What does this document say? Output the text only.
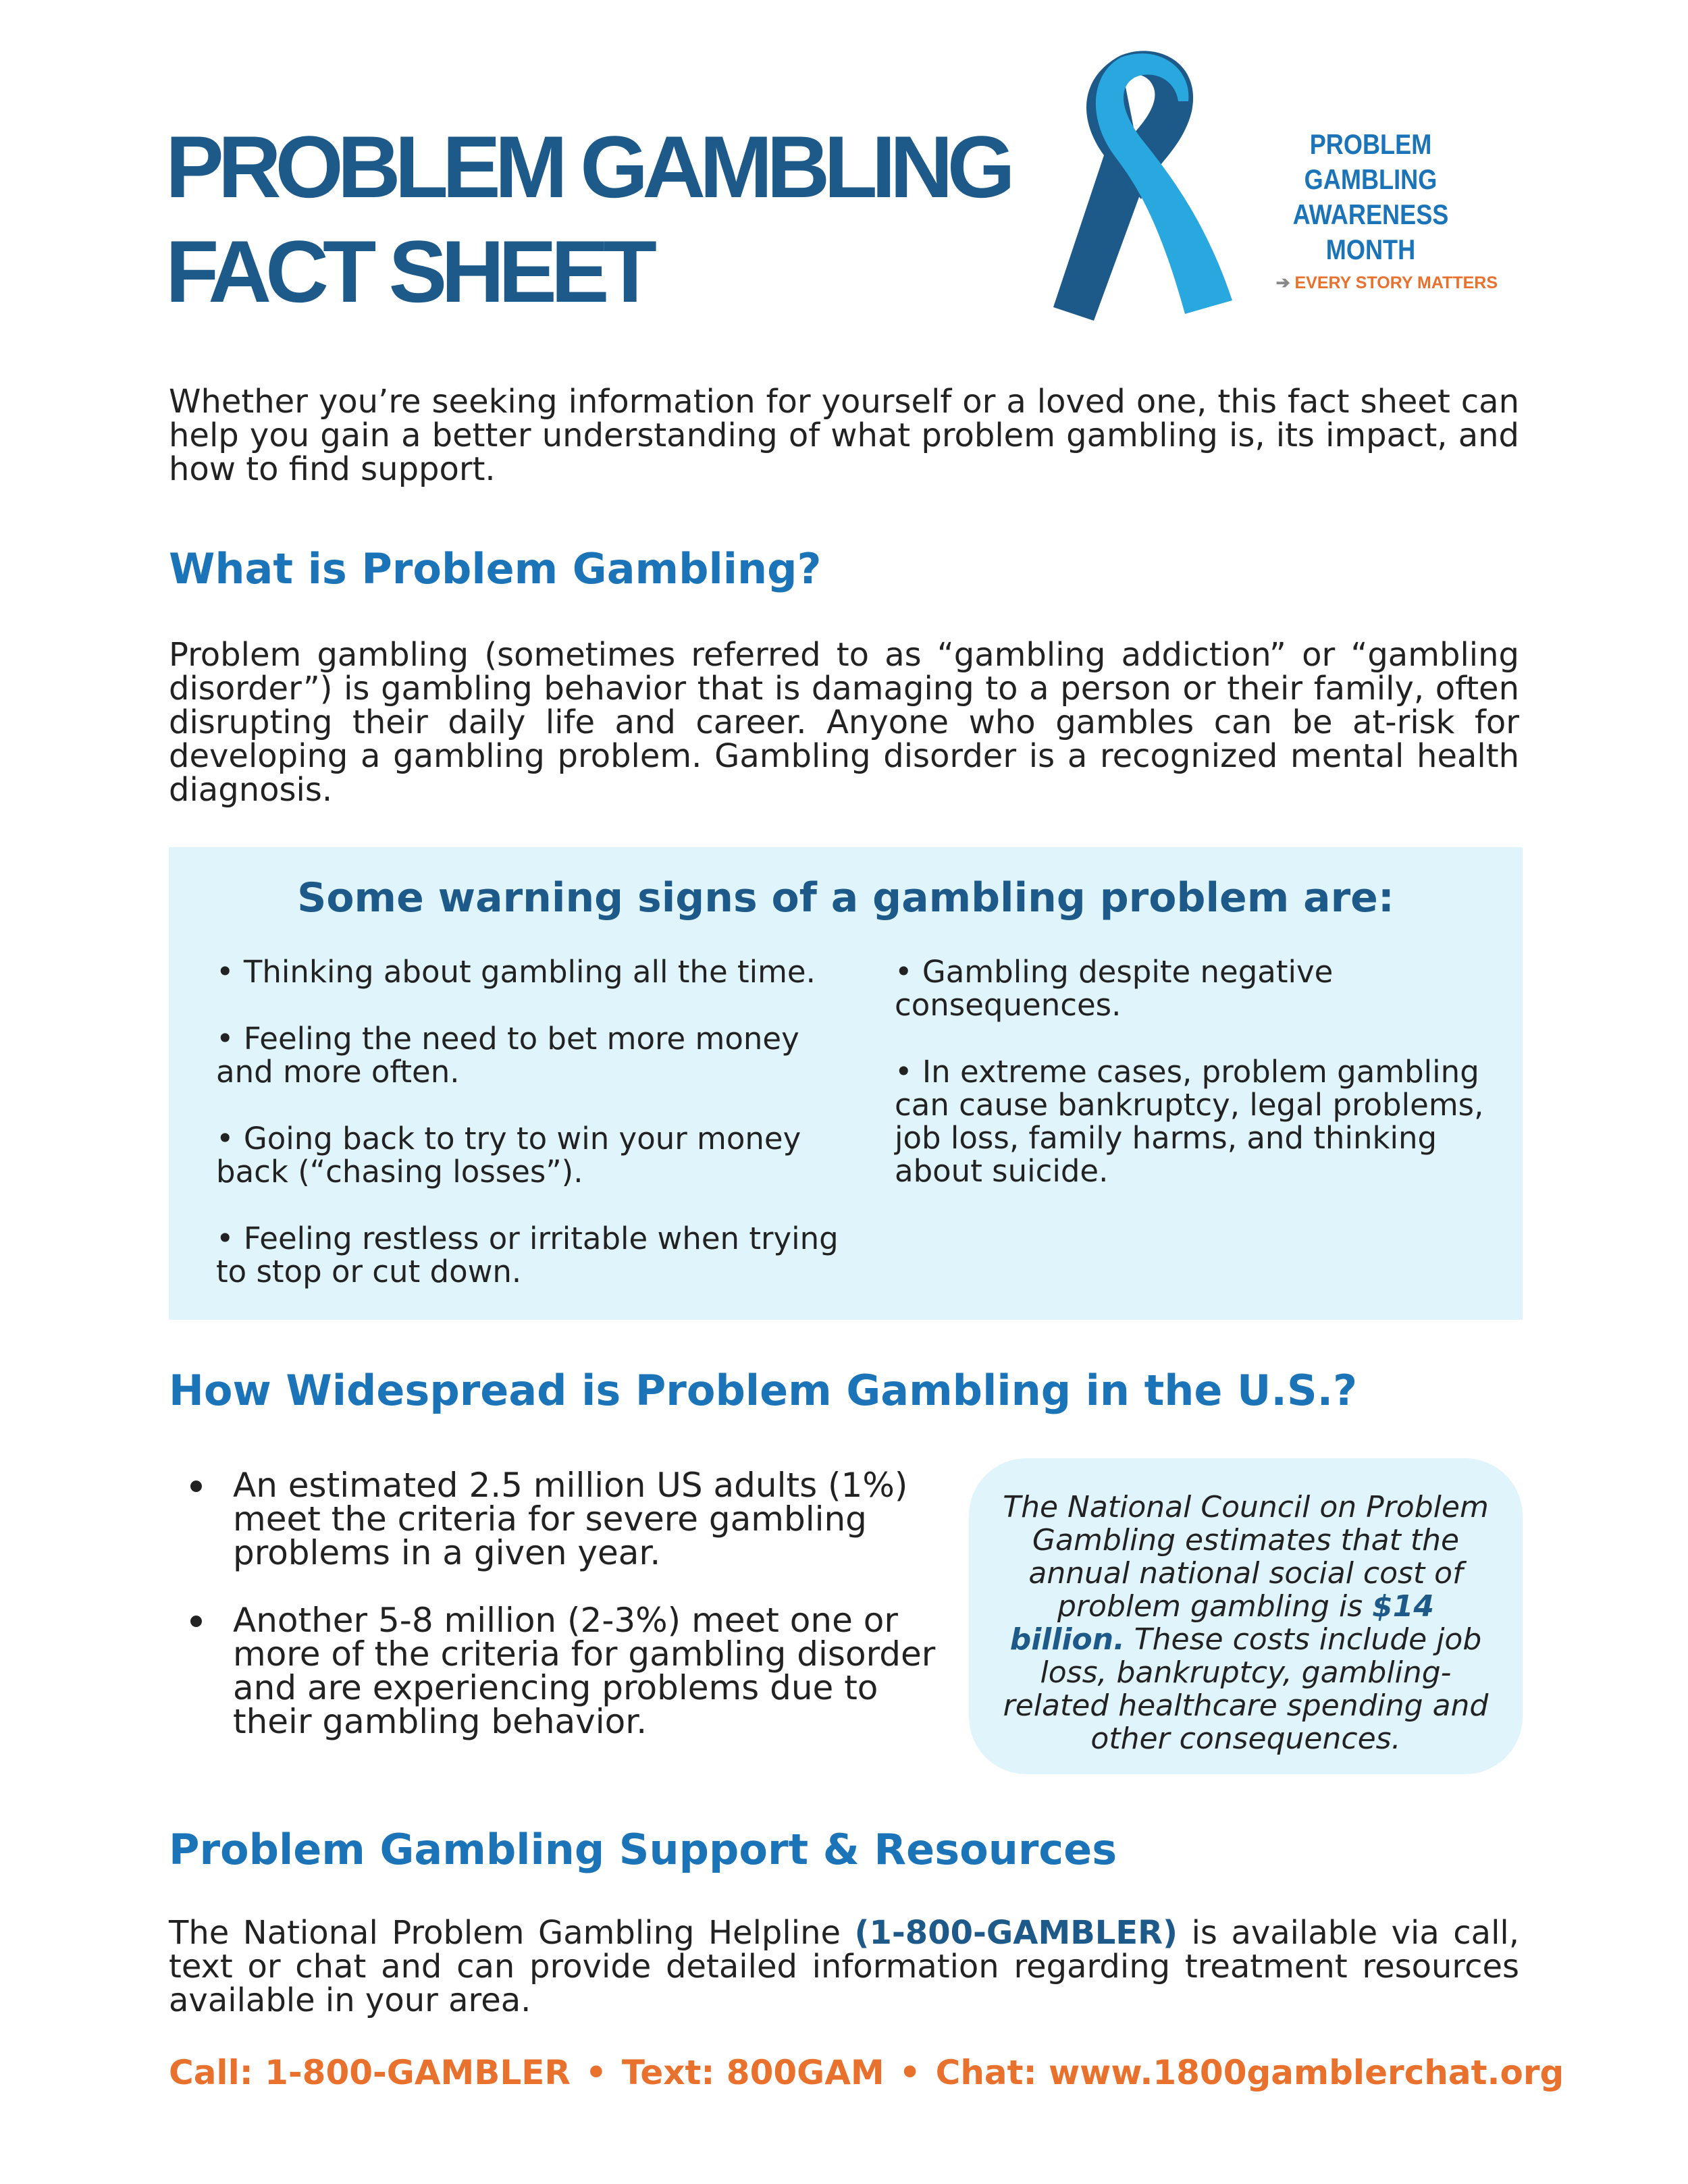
PROBLEM GAMBLING
FACT SHEET
PROBLEM GAMBLING
AWARENESS MONTH
➔ EVERY STORY MATTERS

Whether you’re seeking information for yourself or a loved one, this fact sheet can help you gain a better understanding of what problem gambling is, its impact, and how to find support.

What is Problem Gambling?

Problem gambling (sometimes referred to as “gambling addiction” or “gambling disorder”) is gambling behavior that is damaging to a person or their family, often disrupting their daily life and career. Anyone who gambles can be at-risk for developing a gambling problem. Gambling disorder is a recognized mental health diagnosis.

Some warning signs of a gambling problem are:

• Thinking about gambling all the time.

• Feeling the need to bet more money and more often.

• Going back to try to win your money back (“chasing losses”).

• Feeling restless or irritable when trying to stop or cut down.

• Gambling despite negative consequences.

• In extreme cases, problem gambling can cause bankruptcy, legal problems, job loss, family harms, and thinking about suicide.

How Widespread is Problem Gambling in the U.S.?
An estimated 2.5 million US adults (1%) meet the criteria for severe gambling problems in a given year.
Another 5-8 million (2-3%) meet one or more of the criteria for gambling disorder and are experiencing problems due to their gambling behavior.
The National Council on Problem Gambling estimates that the annual national social cost of problem gambling is $14 billion. These costs include job loss, bankruptcy, gambling-related healthcare spending and other consequences.
Problem Gambling Support & Resources

The National Problem Gambling Helpline (1-800-GAMBLER) is available via call, text or chat and can provide detailed information regarding treatment resources available in your area.

Call: 1-800-GAMBLER • Text: 800GAM • Chat: www.1800gamblerchat.org
